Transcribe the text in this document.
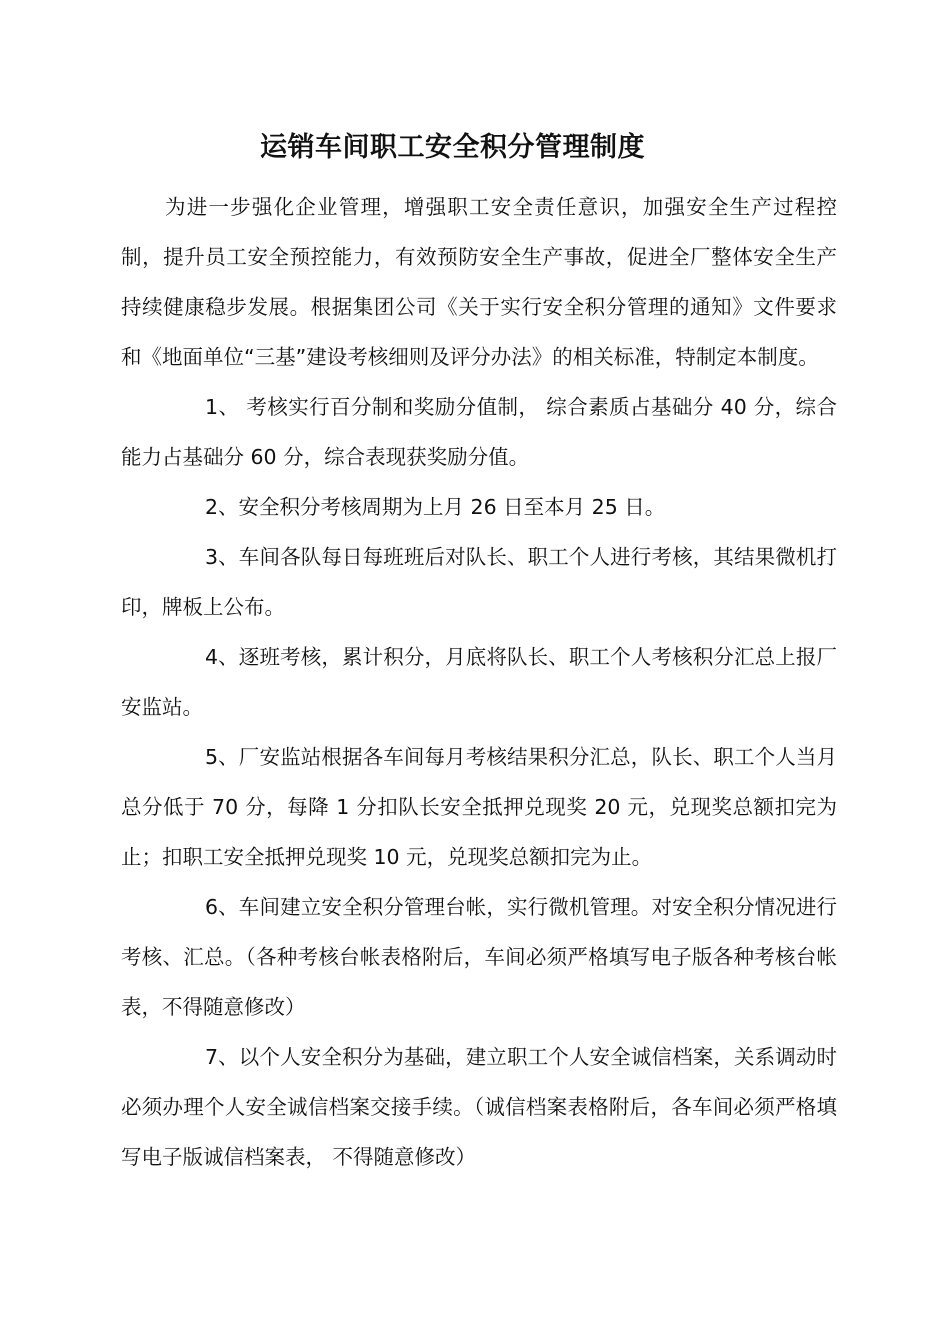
运销车间职工安全积分管理制度

为进一步强化企业管理，增强职工安全责任意识，加强安全生产过程控制，提升员工安全预控能力，有效预防安全生产事故，促进全厂整体安全生产持续健康稳步发展。根据集团公司《关于实行安全积分管理的通知》文件要求和《地面单位“三基”建设考核细则及评分办法》的相关标准，特制定本制度。

1、 考核实行百分制和奖励分值制， 综合素质占基础分 40 分，综合能力占基础分 60 分，综合表现获奖励分值。

2、安全积分考核周期为上月 26 日至本月 25 日。

3、车间各队每日每班班后对队长、职工个人进行考核，其结果微机打印，牌板上公布。

4、逐班考核，累计积分，月底将队长、职工个人考核积分汇总上报厂安监站。

5、厂安监站根据各车间每月考核结果积分汇总，队长、职工个人当月总分低于 70 分，每降 1 分扣队长安全抵押兑现奖 20 元，兑现奖总额扣完为止；扣职工安全抵押兑现奖 10 元，兑现奖总额扣完为止。

6、车间建立安全积分管理台帐，实行微机管理。对安全积分情况进行考核、汇总。（各种考核台帐表格附后，车间必须严格填写电子版各种考核台帐表，不得随意修改）

7、以个人安全积分为基础，建立职工个人安全诚信档案，关系调动时必须办理个人安全诚信档案交接手续。（诚信档案表格附后，各车间必须严格填写电子版诚信档案表， 不得随意修改）
